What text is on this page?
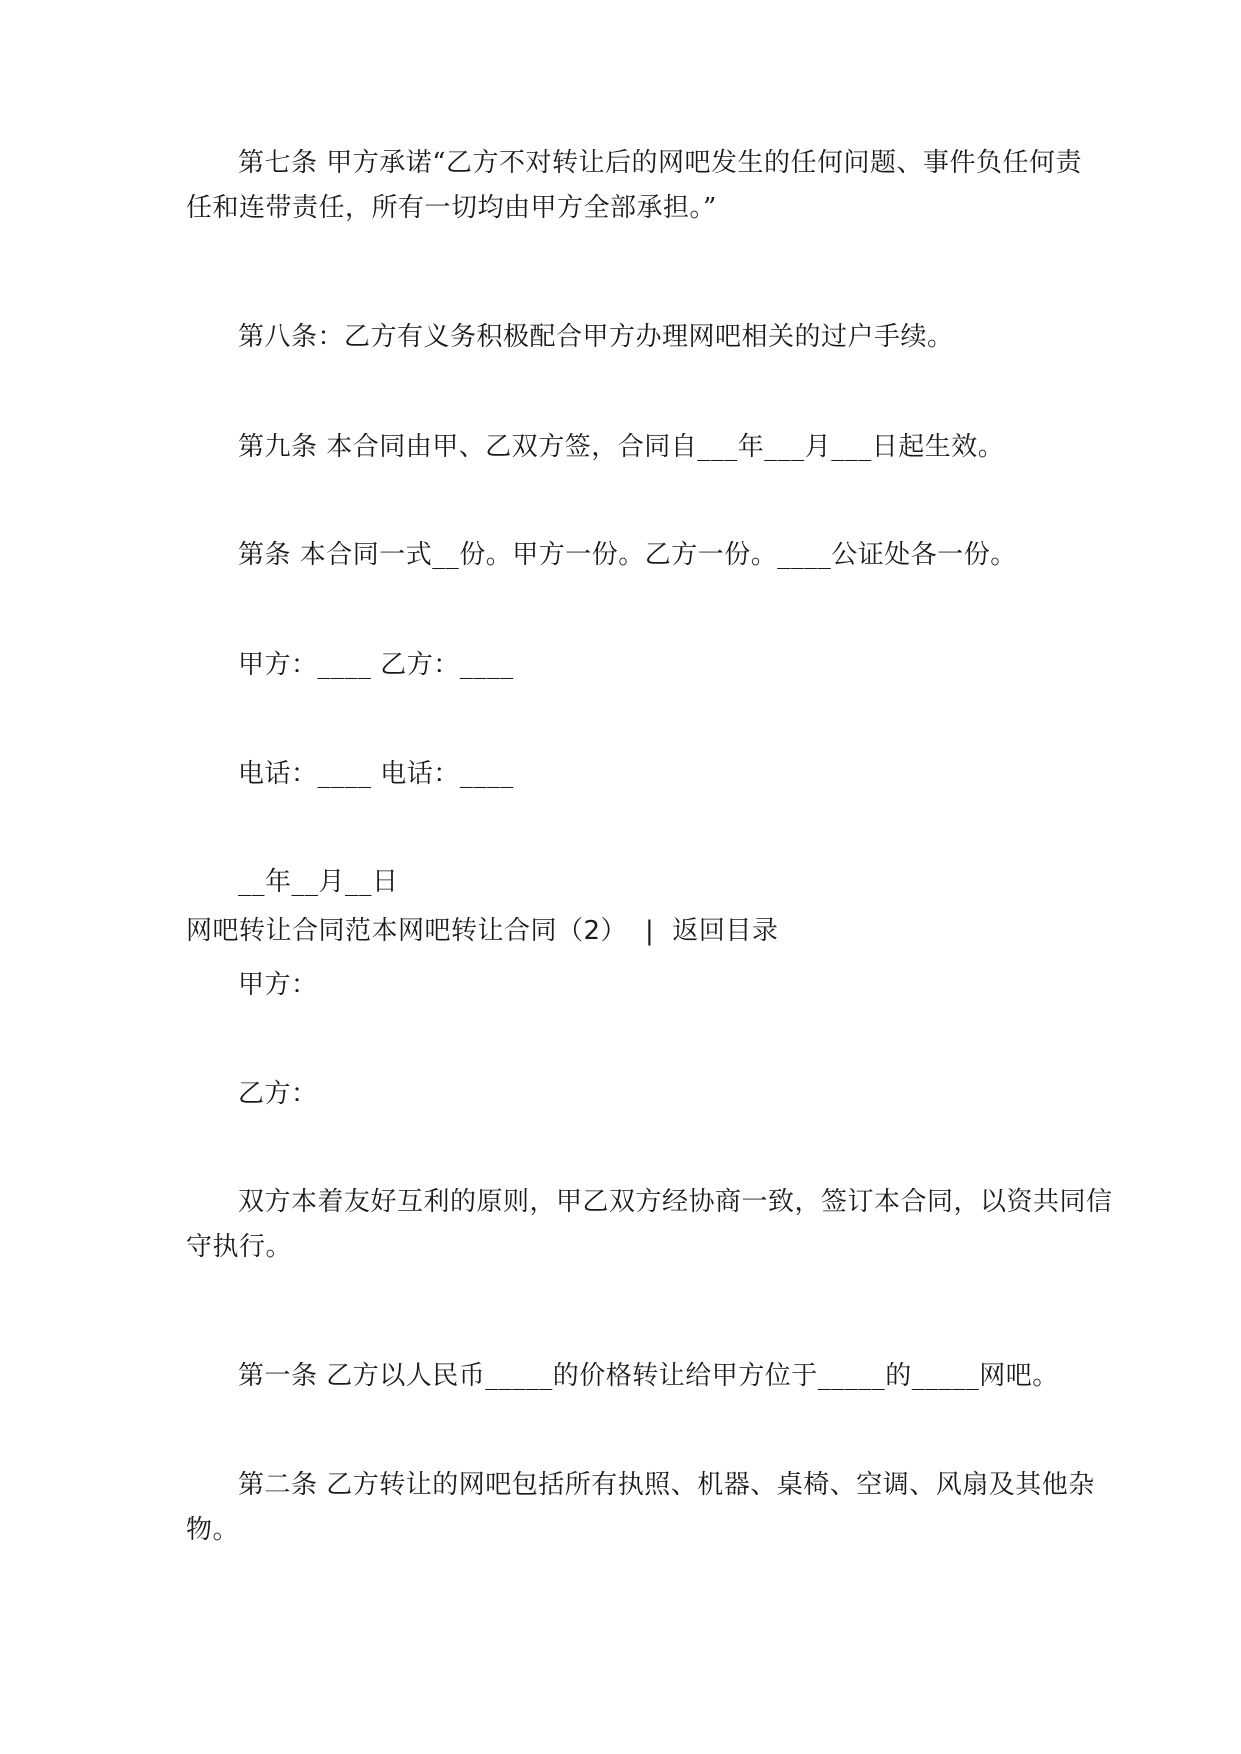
第七条 甲方承诺“乙方不对转让后的网吧发生的任何问题、事件负任何责
任和连带责任，所有一切均由甲方全部承担。”
第八条：乙方有义务积极配合甲方办理网吧相关的过户手续。
第九条 本合同由甲、乙双方签，合同自___年___月___日起生效。
第条 本合同一式__份。甲方一份。乙方一份。____公证处各一份。
甲方：____ 乙方：____
电话：____ 电话：____
__年__月__日
网吧转让合同范本网吧转让合同（2） | 返回目录
甲方：
乙方：
双方本着友好互利的原则，甲乙双方经协商一致，签订本合同，以资共同信
守执行。
第一条 乙方以人民币_____的价格转让给甲方位于_____的_____网吧。
第二条 乙方转让的网吧包括所有执照、机器、桌椅、空调、风扇及其他杂
物。
